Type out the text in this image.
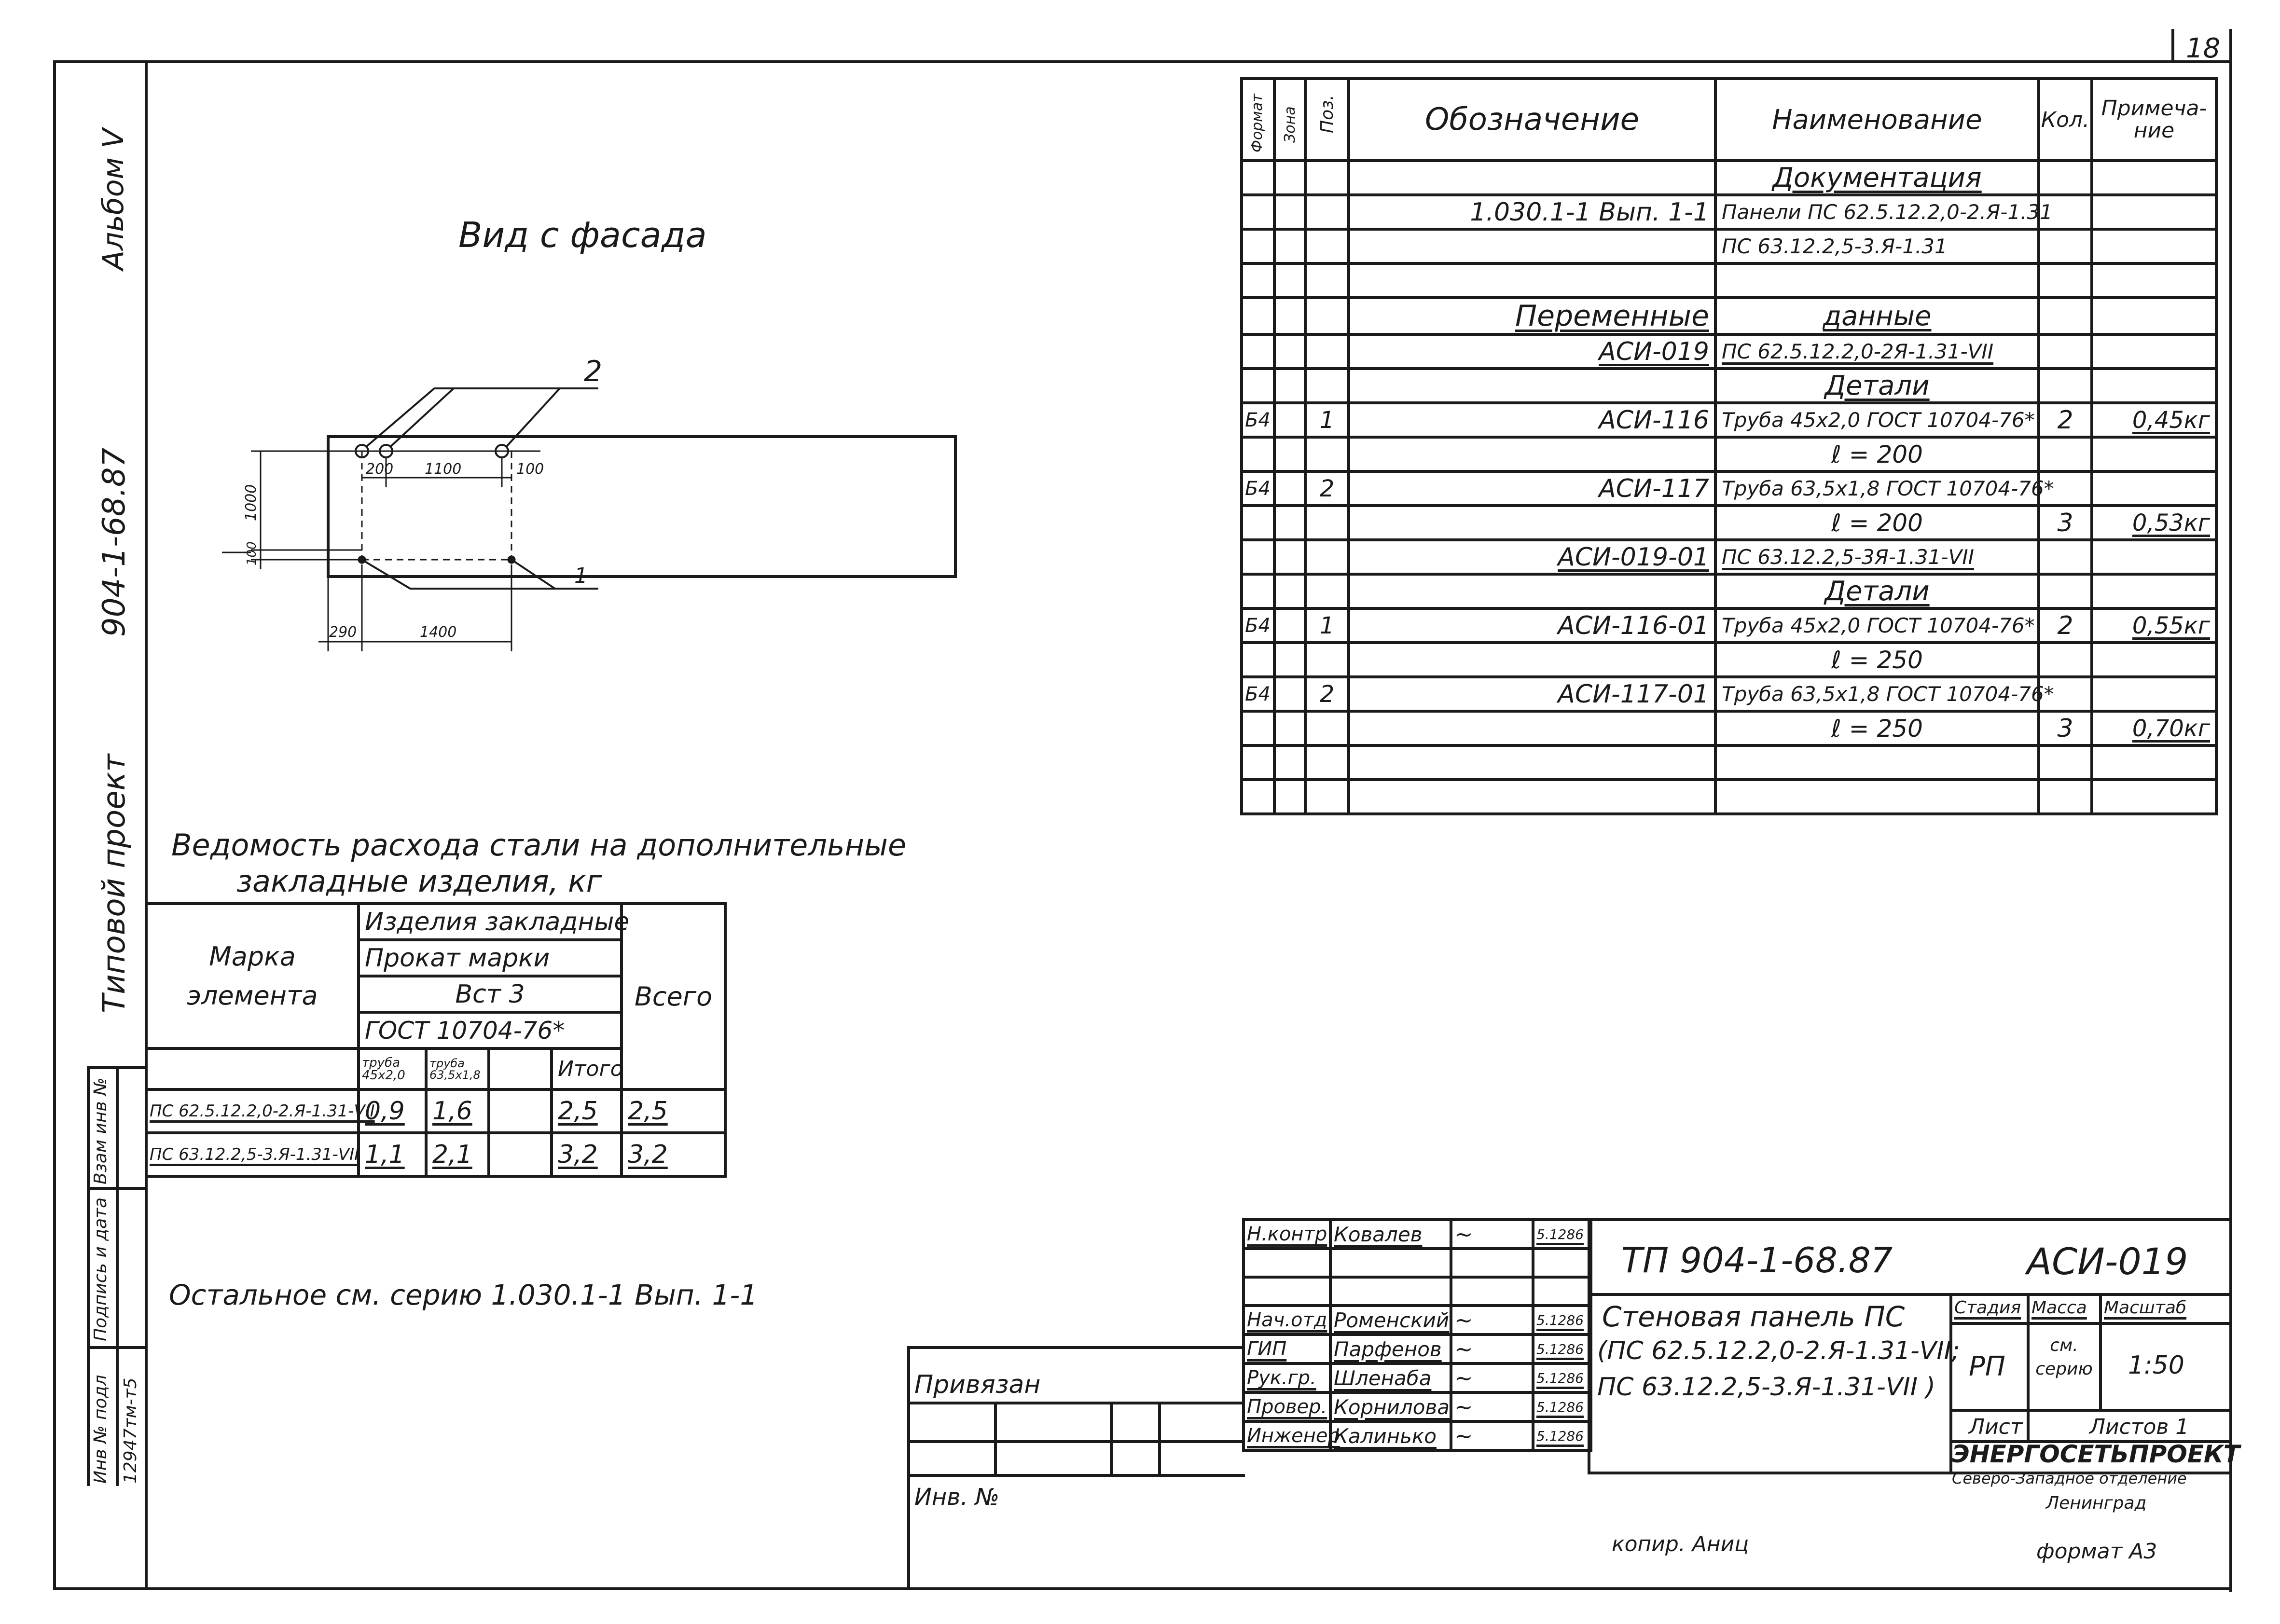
18
Альбом V
904-1-68.87
Типовой проект
Взам инв №
Подпись и дата
Инв № подл 12947тм-т5
Вид с фасада
2
1
200 1100	100
1000
100
290	1400
Формат	Зона	Поз.	Обозначение	Наименование	Кол.	Примеча-
ние
				Документация		
			1.030.1-1 Вып. 1-1	Панели ПС 62.5.12.2,0-2.Я-1.31		
				ПС 63.12.2,5-3.Я-1.31		

			Переменные	данные		
			АСИ-019	ПС 62.5.12.2,0-2Я-1.31-VII		
				Детали		
Б4		1	АСИ-116	Труба 45х2,0 ГОСТ 10704-76*	2	0,45кг
				ℓ = 200		
Б4		2	АСИ-117	Труба 63,5х1,8 ГОСТ 10704-76*		
				ℓ = 200	3	0,53кг
			АСИ-019-01	ПС 63.12.2,5-3Я-1.31-VII		
				Детали		
Б4		1	АСИ-116-01	Труба 45х2,0 ГОСТ 10704-76*	2	0,55кг
				ℓ = 250		
Б4		2	АСИ-117-01	Труба 63,5х1,8 ГОСТ 10704-76*		
				ℓ = 250	3	0,70кг

Ведомость расхода стали на дополнительные
закладные изделия, кг
Марка элемента	Изделия закладные				Всего
	Прокат марки				
	Вст 3				
	ГОСТ 10704-76*				
	труба 45х2,0	труба 63,5х1,8		Итого	
ПС 62.5.12.2,0-2.Я-1.31-VII	0,9	1,6		2,5	2,5
ПС 63.12.2,5-3.Я-1.31-VII	1,1	2,1		3,2	3,2
Остальное см. серию 1.030.1-1 Вып. 1-1
Привязан
Инв. №
Н.контр	Ковалев	~	5.1286

Нач.отд	Роменский	~	5.1286
ГИП	Парфенов	~	5.1286
Рук.гр.	Шленаба	~	5.1286
Провер.	Корнилова	~	5.1286
Инженер	Калинько	~	5.1286
ТП 904-1-68.87	АСИ-019
Стеновая панель ПС
(ПС 62.5.12.2,0-2.Я-1.31-VII;
ПС 63.12.2,5-3.Я-1.31-VII )
Стадия Масса Масштаб
РП
см. серию 1:50
Лист	Листов 1
ЭНЕРГОСЕТЬПРОЕКТ
Северо-Западное отделение
Ленинград
копир. Аниц	формат А3
